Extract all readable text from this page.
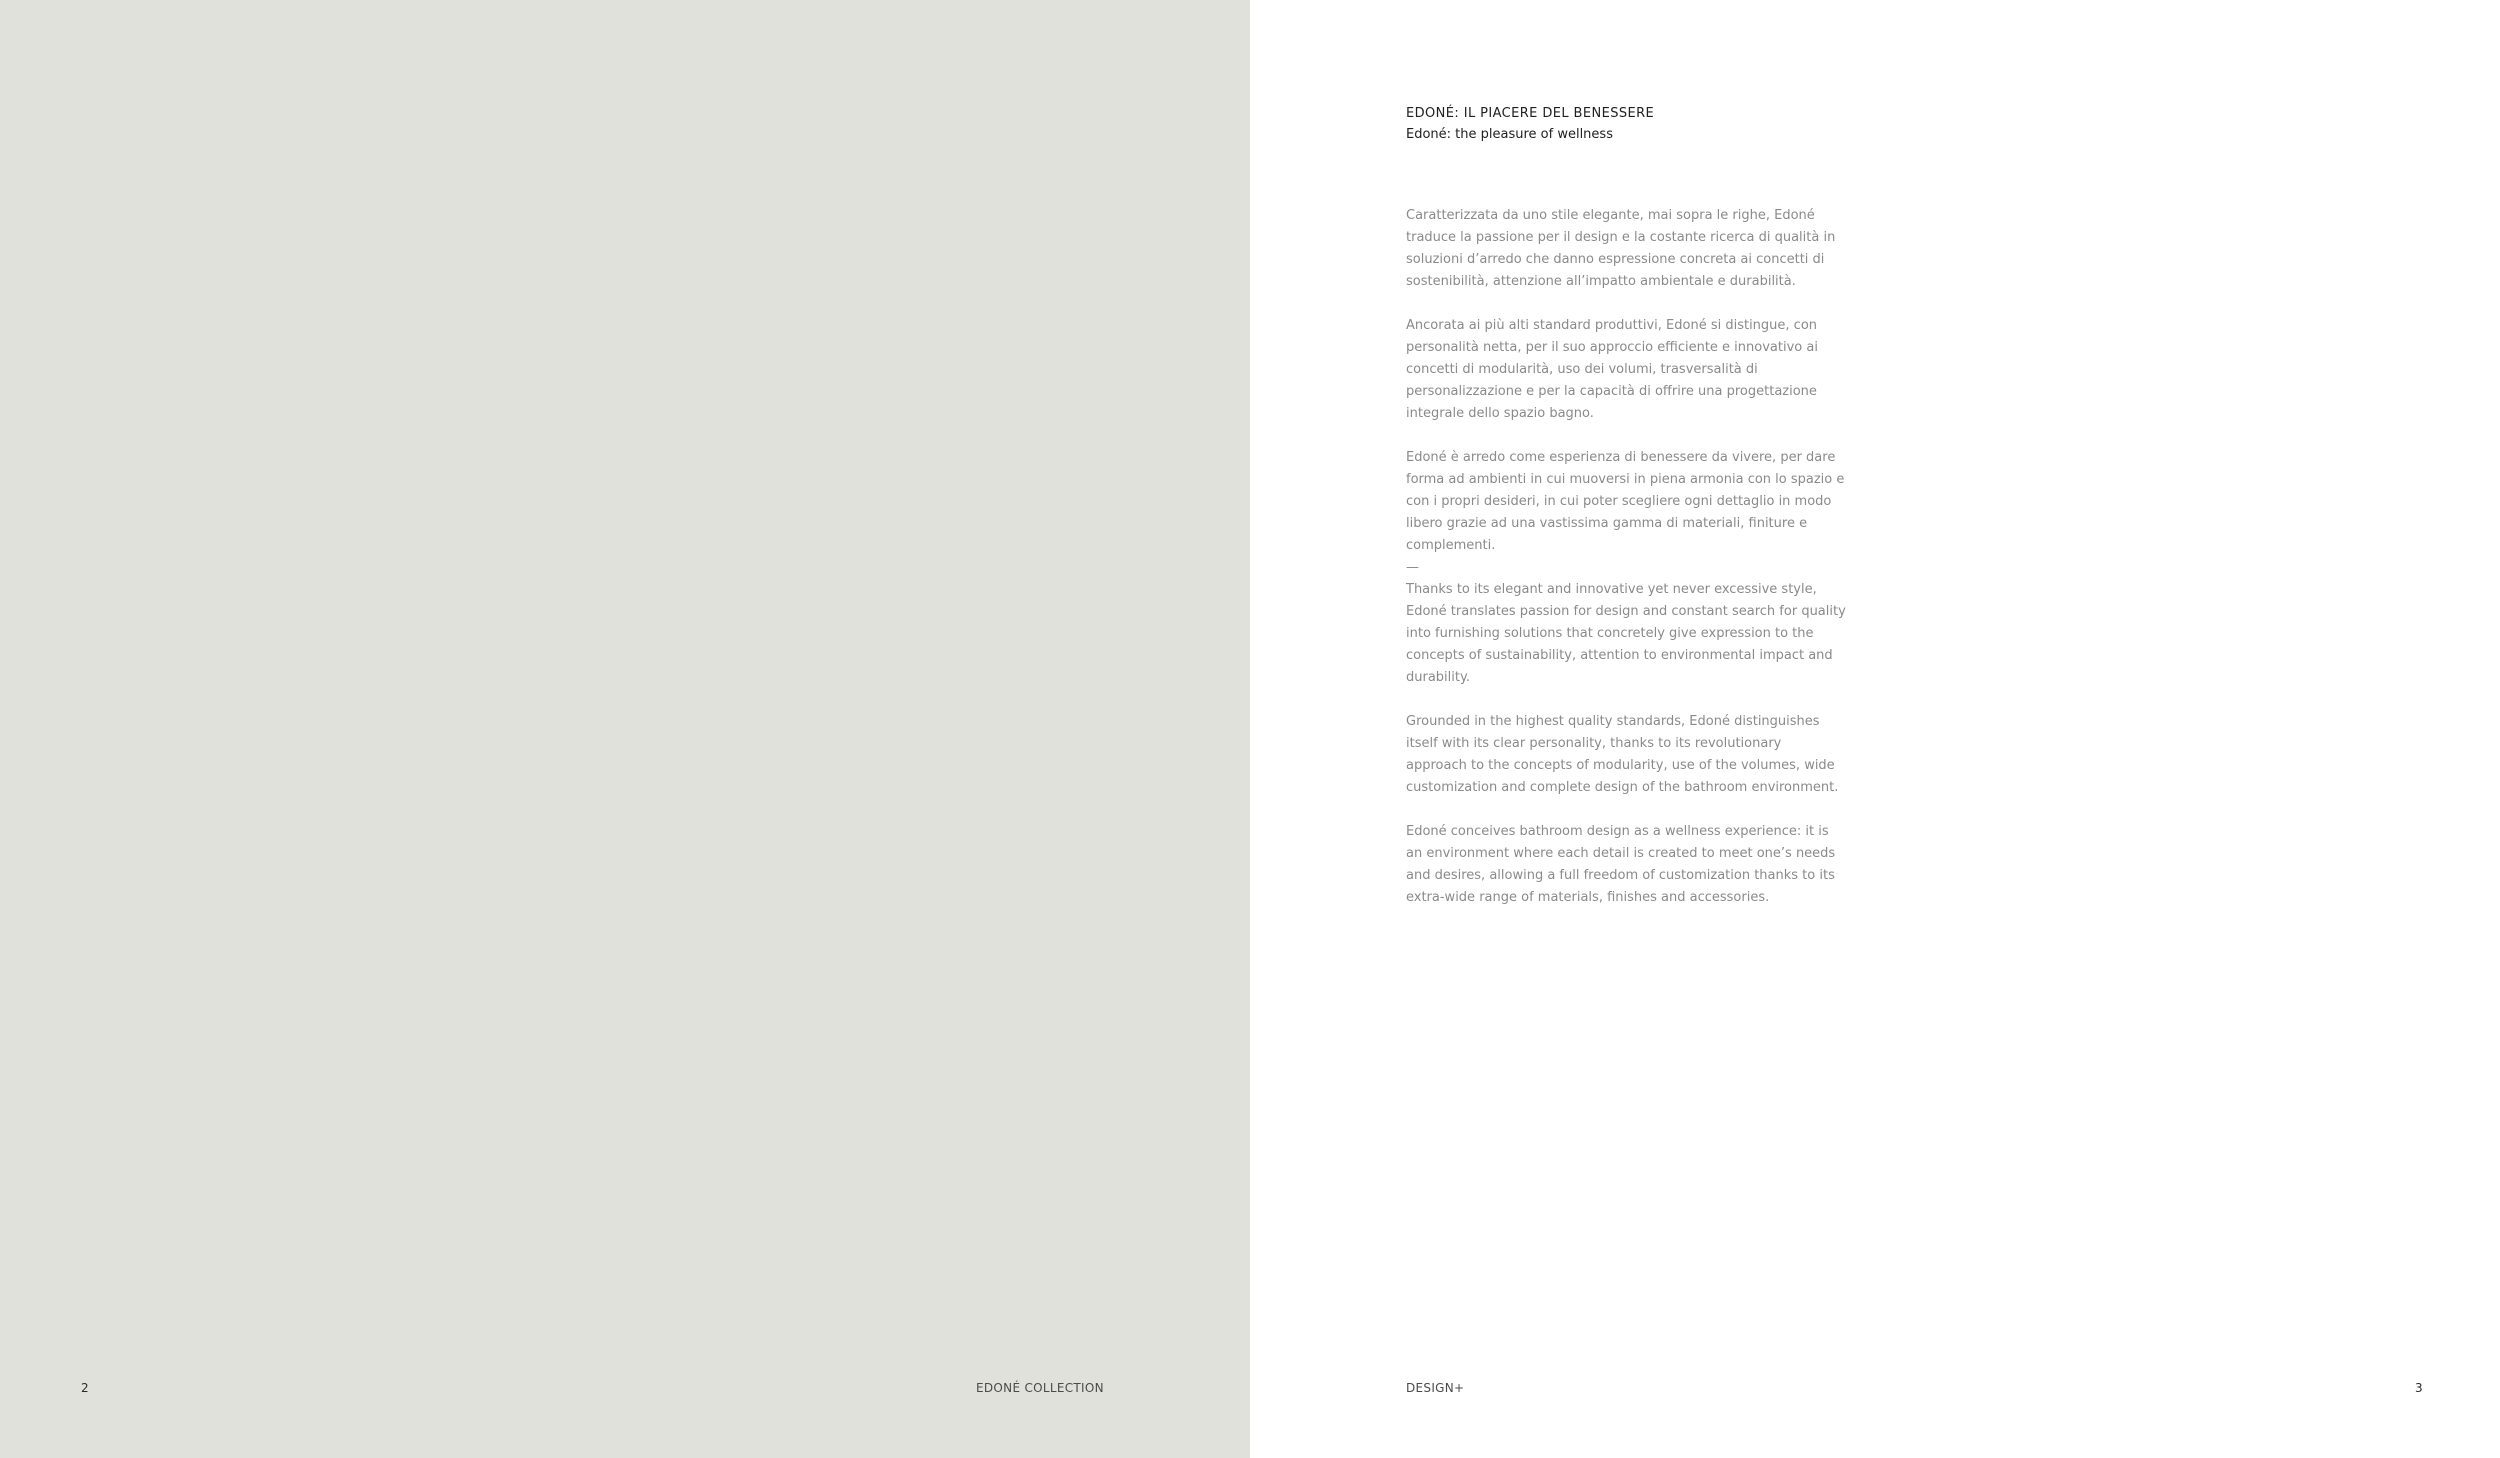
2	EDONÉ COLLECTION

EDONÉ: IL PIACERE DEL BENESSERE

Edoné: the pleasure of wellness

Caratterizzata da uno stile elegante, mai sopra le righe, Edoné traduce la passione per il design e la costante ricerca di qualità in soluzioni d’arredo che danno espressione concreta ai concetti di sostenibilità, attenzione all’impatto ambientale e durabilità.

Ancorata ai più alti standard produttivi, Edoné si distingue, con personalità netta, per il suo approccio efficiente e innovativo ai concetti di modularità, uso dei volumi, trasversalità di personalizzazione e per la capacità di offrire una progettazione integrale dello spazio bagno.

Edoné è arredo come esperienza di benessere da vivere, per dare forma ad ambienti in cui muoversi in piena armonia con lo spazio e con i propri desideri, in cui poter scegliere ogni dettaglio in modo libero grazie ad una vastissima gamma di materiali, finiture e complementi.

—

Thanks to its elegant and innovative yet never excessive style, Edoné translates passion for design and constant search for quality into furnishing solutions that concretely give expression to the concepts of sustainability, attention to environmental impact and durability.

Grounded in the highest quality standards, Edoné distinguishes itself with its clear personality, thanks to its revolutionary approach to the concepts of modularity, use of the volumes, wide customization and complete design of the bathroom environment.

Edoné conceives bathroom design as a wellness experience: it is an environment where each detail is created to meet one’s needs and desires, allowing a full freedom of customization thanks to its extra-wide range of materials, finishes and accessories.

DESIGN+	3
